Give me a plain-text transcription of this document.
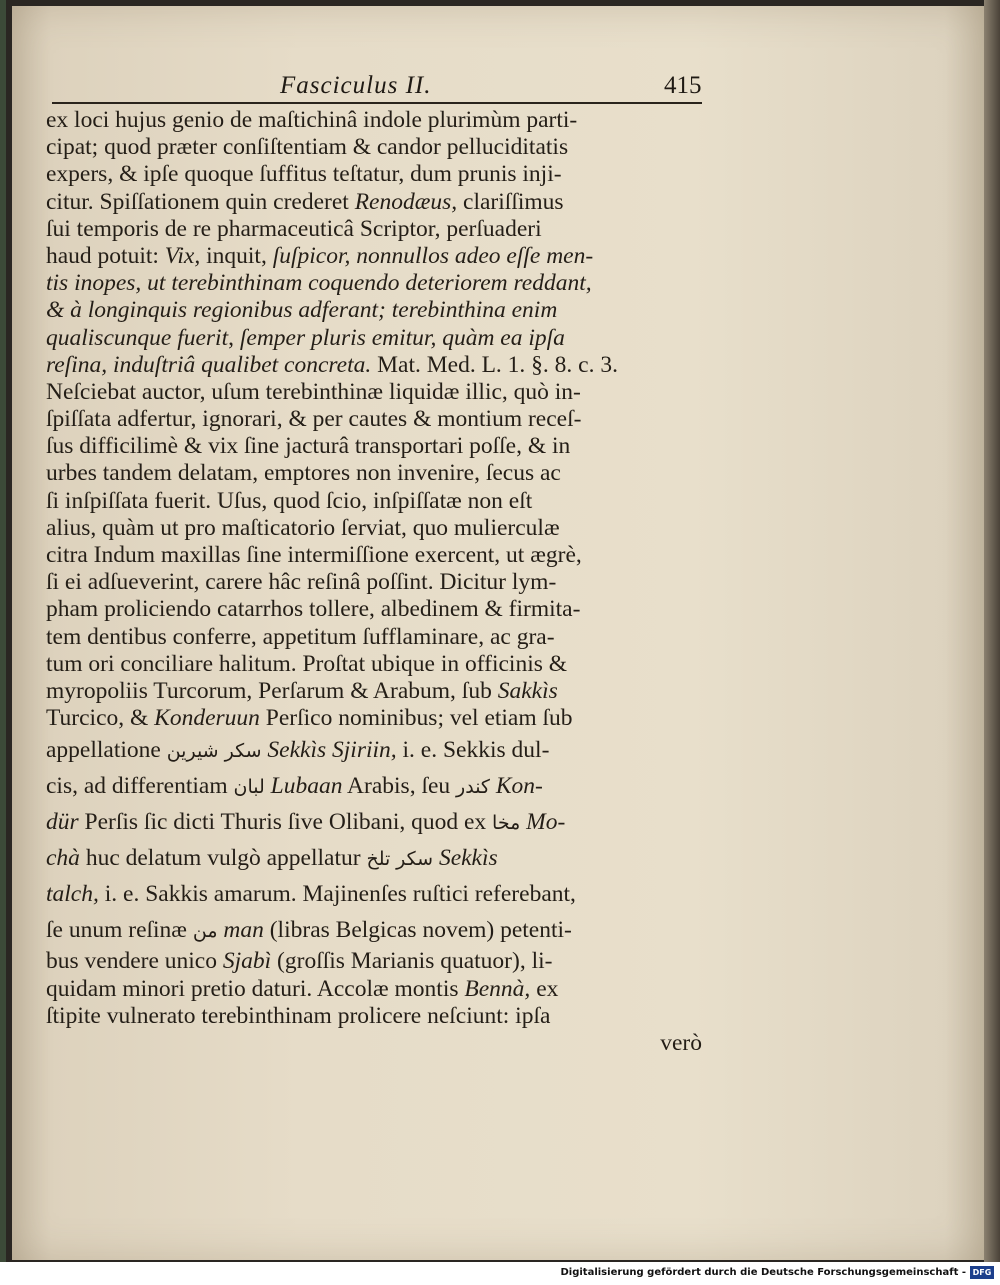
Fasciculus II.	415
ex loci hujus genio de maſtichinâ indole plurimùm parti-
cipat; quod præter conſiſtentiam & candor pelluciditatis
expers, & ipſe quoque ſuffitus teſtatur, dum prunis inji-
citur. Spiſſationem quin crederet Renodæus, clariſſimus
ſui temporis de re pharmaceuticâ Scriptor, perſuaderi
haud potuit: Vix, inquit, ſuſpicor, nonnullos adeo eſſe men-
tis inopes, ut terebinthinam coquendo deteriorem reddant,
& à longinquis regionibus adferant; terebinthina enim
qualiscunque fuerit, ſemper pluris emitur, quàm ea ipſa
reſina, induſtriâ qualibet concreta. Mat. Med. L. 1. §. 8. c. 3.
Neſciebat auctor, uſum terebinthinæ liquidæ illic, quò in-
ſpiſſata adfertur, ignorari, & per cautes & montium receſ-
ſus difficilimè & vix ſine jacturâ transportari poſſe, & in
urbes tandem delatam, emptores non invenire, ſecus ac
ſi inſpiſſata fuerit. Uſus, quod ſcio, inſpiſſatæ non eſt
alius, quàm ut pro maſticatorio ſerviat, quo mulierculæ
citra Indum maxillas ſine intermiſſione exercent, ut ægrè,
ſi ei adſueverint, carere hâc reſinâ poſſint. Dicitur lym-
pham proliciendo catarrhos tollere, albedinem & firmita-
tem dentibus conferre, appetitum ſufflaminare, ac gra-
tum ori conciliare halitum. Proſtat ubique in officinis &
myropoliis Turcorum, Perſarum & Arabum, ſub Sakkìs
Turcico, & Konderuun Perſico nominibus; vel etiam ſub
appellatione سكر شیرین Sekkìs Sjiriin, i. e. Sekkis dul-
cis, ad differentiam لبان Lubaan Arabis, ſeu كندر Kon-
dür Perſis ſic dicti Thuris ſive Olibani, quod ex مخا Mo-
chà huc delatum vulgò appellatur تلخ سكر Sekkìs
talch, i. e. Sakkis amarum. Majinenſes ruſtici referebant,
ſe unum reſinæ من man (libras Belgicas novem) petenti-
bus vendere unico Sjabì (groſſis Marianis quatuor), li-
quidam minori pretio daturi. Accolæ montis Bennà, ex
ſtipite vulnerato terebinthinam prolicere neſciunt: ipſa
verò
Digitalisierung gefördert durch die Deutsche Forschungsgemeinschaft - DFG
